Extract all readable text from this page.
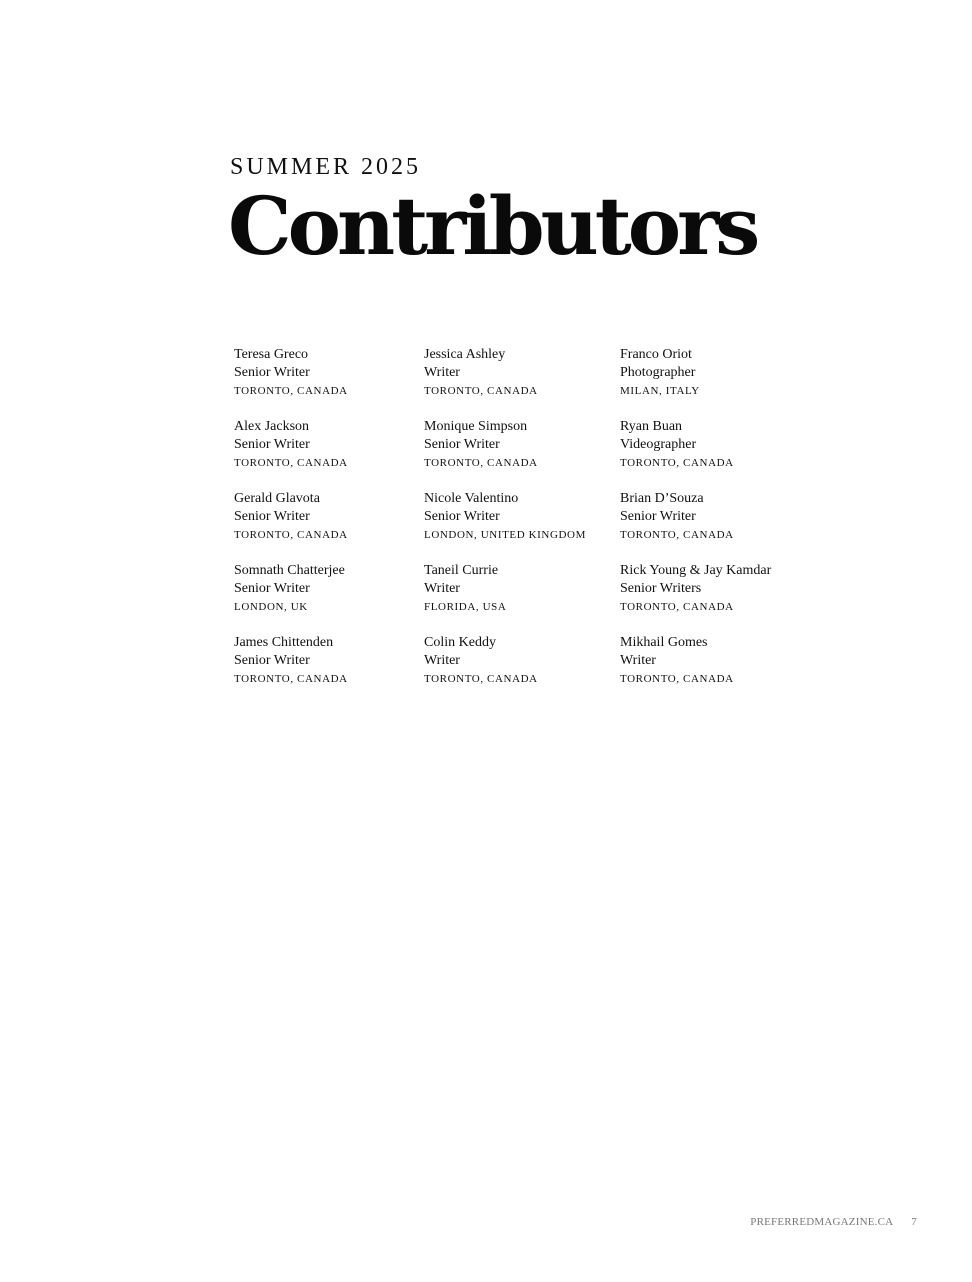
SUMMER 2025

Contributors
Teresa Greco
Senior Writer
TORONTO, CANADA
Alex Jackson
Senior Writer
TORONTO, CANADA
Gerald Glavota
Senior Writer
TORONTO, CANADA
Somnath Chatterjee
Senior Writer
LONDON, UK
James Chittenden
Senior Writer
TORONTO, CANADA
Jessica Ashley
Writer
TORONTO, CANADA
Monique Simpson
Senior Writer
TORONTO, CANADA
Nicole Valentino
Senior Writer
LONDON, UNITED KINGDOM
Taneil Currie
Writer
FLORIDA, USA
Colin Keddy
Writer
TORONTO, CANADA
Franco Oriot
Photographer
MILAN, ITALY
Ryan Buan
Videographer
TORONTO, CANADA
Brian D’Souza
Senior Writer
TORONTO, CANADA
Rick Young & Jay Kamdar
Senior Writers
TORONTO, CANADA
Mikhail Gomes
Writer
TORONTO, CANADA
PREFERREDMAGAZINE.CA 7
